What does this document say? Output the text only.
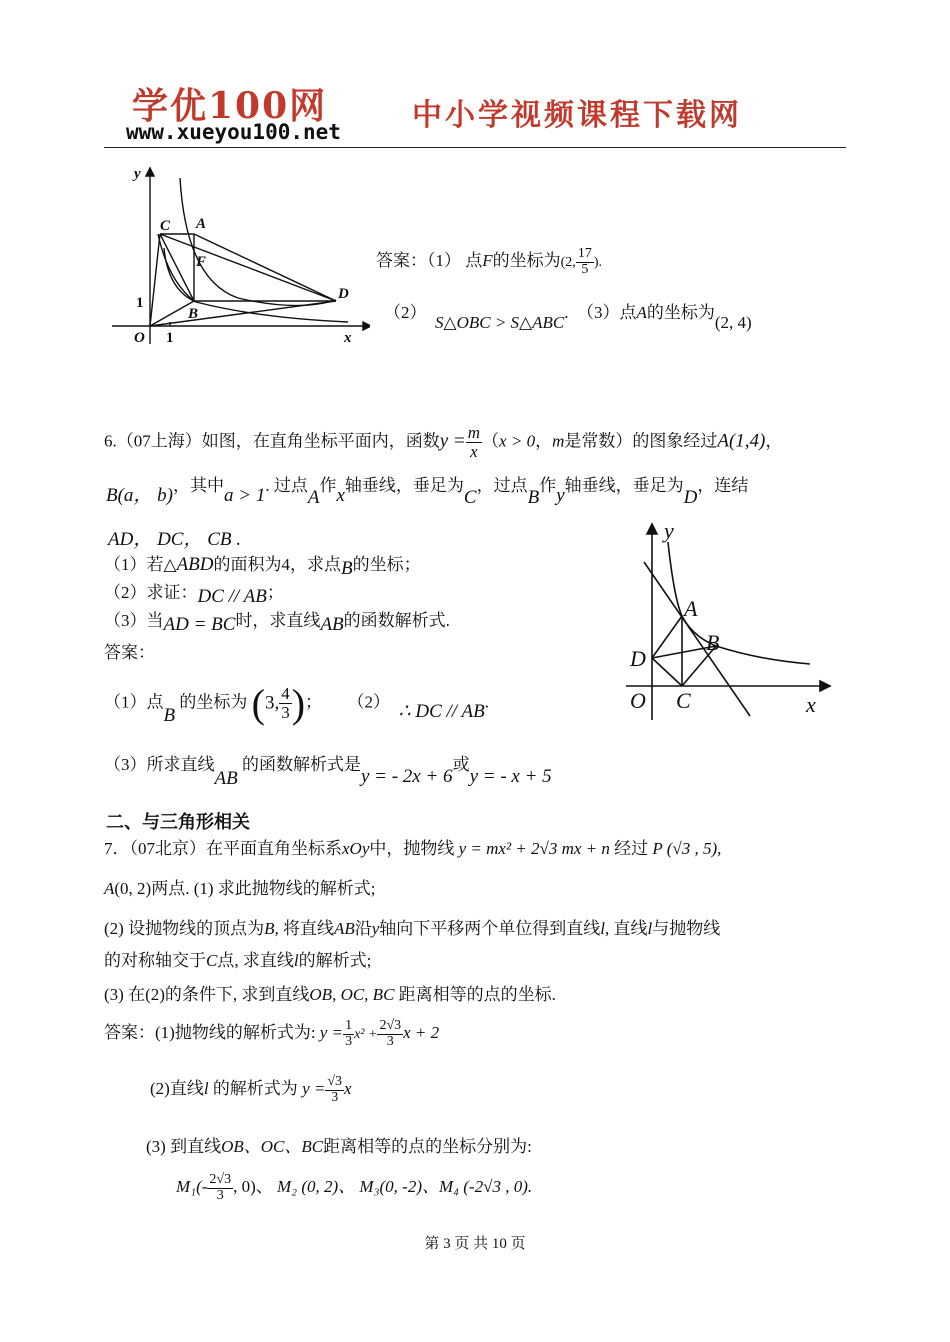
学优100网
www.xueyou100.net 中小学视频课程下载网
y
x
O 1
1
C A
F
B
D
答案：（1） 点F的坐标为(2, $\frac{17}{5}$ ).
（2）  S△OBC > S△ABC. （3）点A的坐标为(2, 4)
6.（07上海）如图，在直角坐标平面内，函数$y = \frac{m}{x} (x > 0$，m是常数）的图象经过A(1,4)，
B(a， b)，其中a > 1. 过点A作x轴垂线，垂足为C，过点B作y轴垂线，垂足为D，连结
AD， DC， CB .
（1）若△ABD的面积为4，求点B的坐标；
（2）求证：DC // AB；
（3）当AD = BC时，求直线AB的函数解析式.
答案：
（1）点B 的坐标为 (3, $\frac{4}{3}$ )； （2） ∴ DC // AB.
（3）所求直线AB 的函数解析式是y = - 2x + 6或y = - x + 5
y
x
O
A
B
C
D
二、与三角形相关
7．（07北京）在平面直角坐标系xOy中，抛物线 y = mx² + 2√3 mx + n 经过 P (√3 , 5),
A(0, 2)两点. (1) 求此抛物线的解析式;
(2) 设抛物线的顶点为B, 将直线AB沿y轴向下平移两个单位得到直线l, 直线l与抛物线
的对称轴交于C点, 求直线l的解析式;
(3) 在(2)的条件下, 求到直线OB, OC, BC 距离相等的点的坐标.
答案：(1)抛物线的解析式为: $y = \frac{1}{3} x^2 + \frac{2√3}{3}$ x + 2
(2)直线l 的解析式为 $y = \frac{√3}{3}$ x
(3) 到直线OB、OC、BC距离相等的点的坐标分别为:
$M_1(- \frac{2√3}{3}$ , 0)、 M₂ (0, 2)、 M₃(0, -2)、M₄ (-2√3 , 0).
第 3 页 共 10 页
